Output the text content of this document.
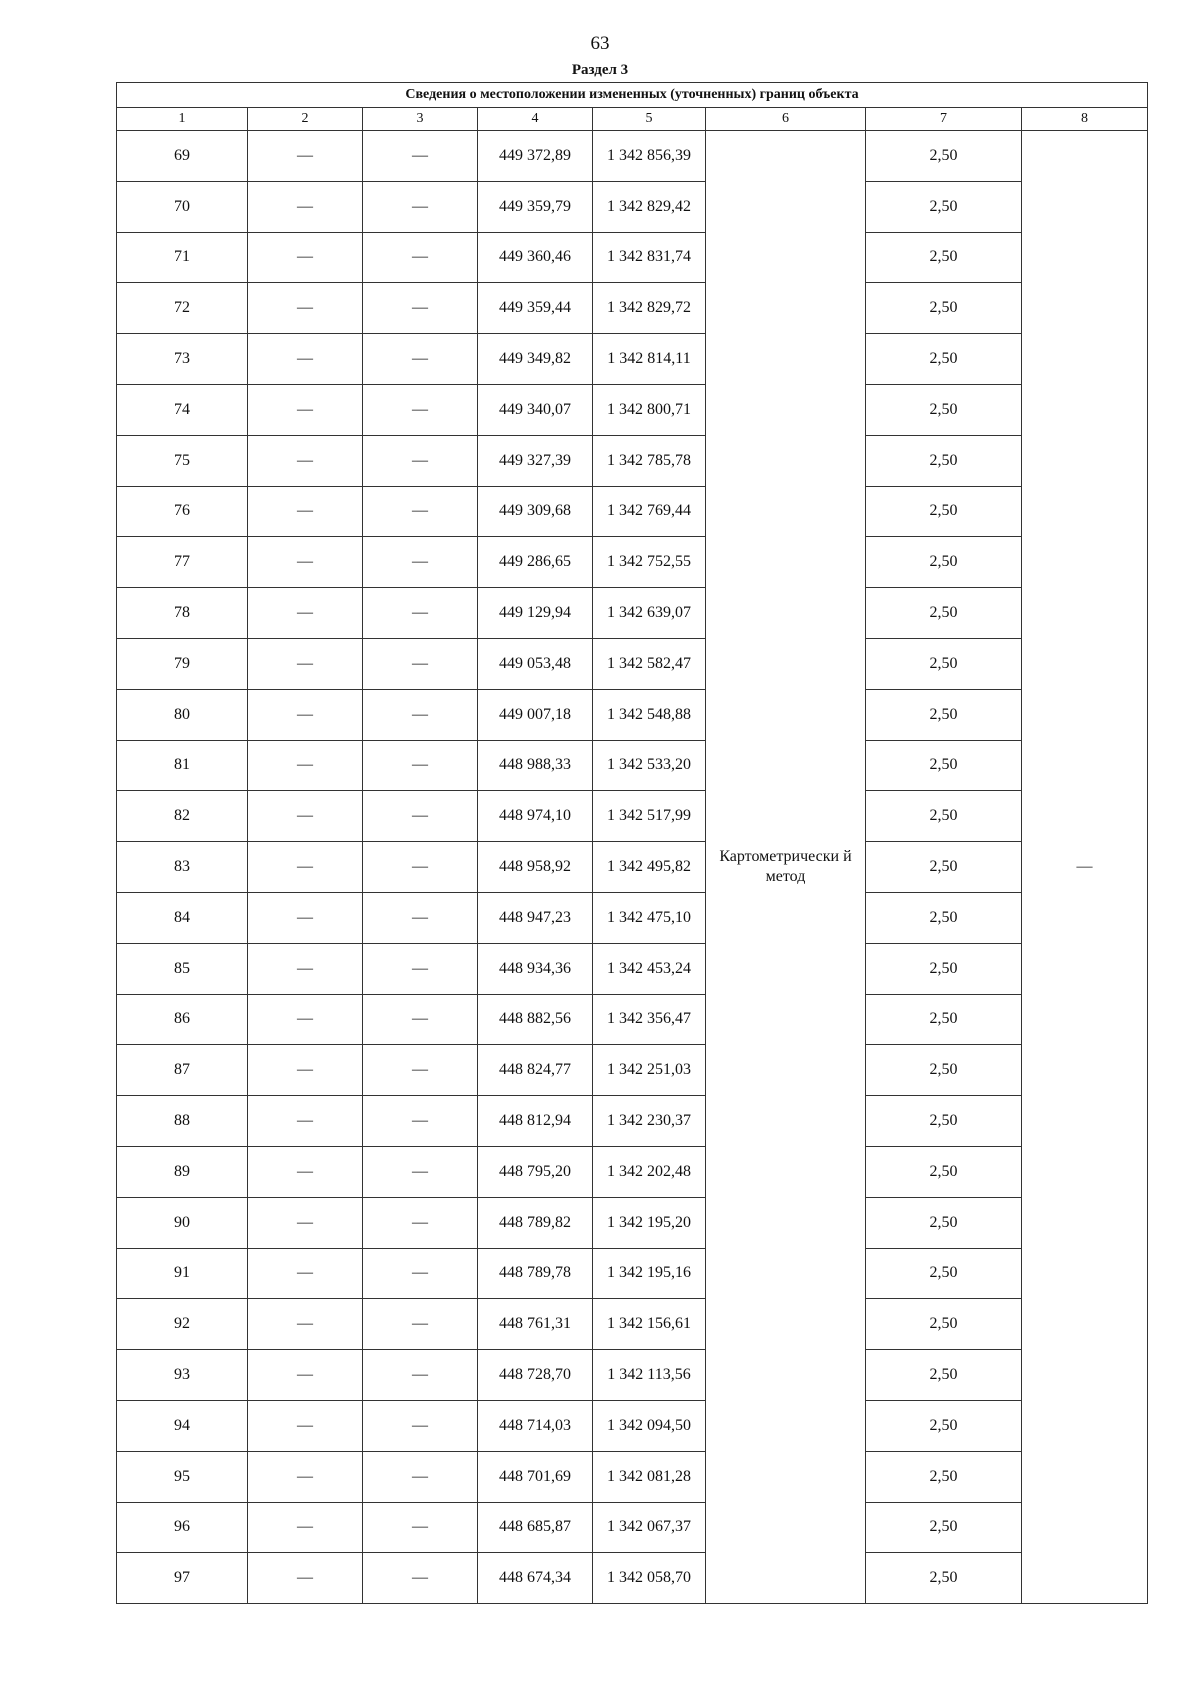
63
Раздел 3
Сведения о местоположении измененных (уточненных) границ объекта							
1	2	3	4	5	6	7	8
69	—	—	449 372,89	1 342 856,39	Картометрически й метод	2,50	—
70	—	—	449 359,79	1 342 829,42		2,50	
71	—	—	449 360,46	1 342 831,74		2,50	
72	—	—	449 359,44	1 342 829,72		2,50	
73	—	—	449 349,82	1 342 814,11		2,50	
74	—	—	449 340,07	1 342 800,71		2,50	
75	—	—	449 327,39	1 342 785,78		2,50	
76	—	—	449 309,68	1 342 769,44		2,50	
77	—	—	449 286,65	1 342 752,55		2,50	
78	—	—	449 129,94	1 342 639,07		2,50	
79	—	—	449 053,48	1 342 582,47		2,50	
80	—	—	449 007,18	1 342 548,88		2,50	
81	—	—	448 988,33	1 342 533,20		2,50	
82	—	—	448 974,10	1 342 517,99		2,50	
83	—	—	448 958,92	1 342 495,82		2,50	
84	—	—	448 947,23	1 342 475,10		2,50	
85	—	—	448 934,36	1 342 453,24		2,50	
86	—	—	448 882,56	1 342 356,47		2,50	
87	—	—	448 824,77	1 342 251,03		2,50	
88	—	—	448 812,94	1 342 230,37		2,50	
89	—	—	448 795,20	1 342 202,48		2,50	
90	—	—	448 789,82	1 342 195,20		2,50	
91	—	—	448 789,78	1 342 195,16		2,50	
92	—	—	448 761,31	1 342 156,61		2,50	
93	—	—	448 728,70	1 342 113,56		2,50	
94	—	—	448 714,03	1 342 094,50		2,50	
95	—	—	448 701,69	1 342 081,28		2,50	
96	—	—	448 685,87	1 342 067,37		2,50	
97	—	—	448 674,34	1 342 058,70		2,50	
